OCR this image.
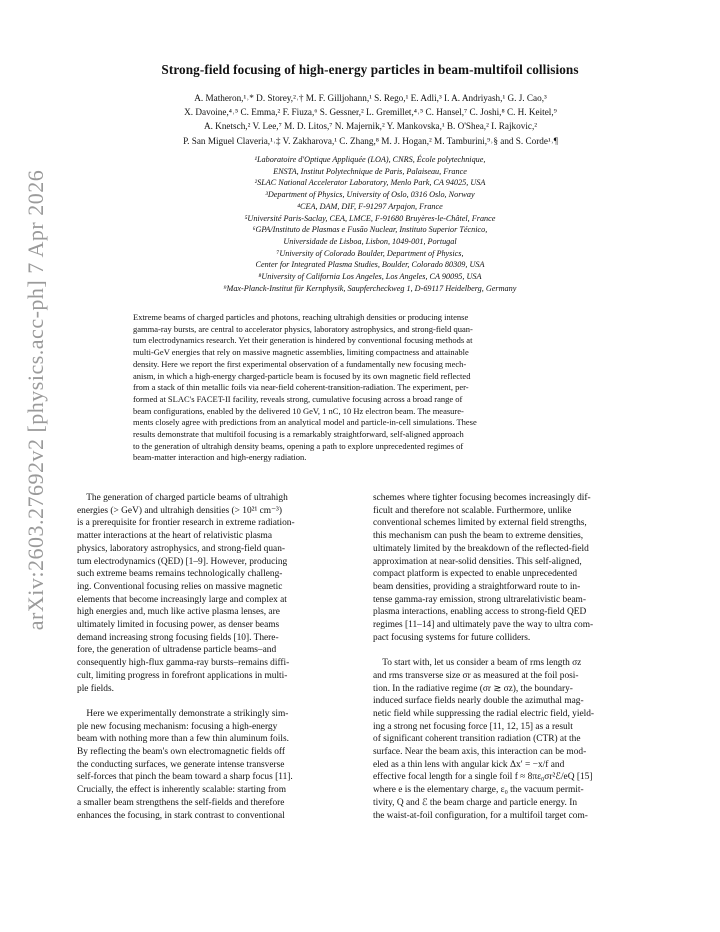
arXiv:2603.27692v2 [physics.acc-ph] 7 Apr 2026
Strong-field focusing of high-energy particles in beam-multifoil collisions

A. Matheron,¹˒* D. Storey,²˒† M. F. Gilljohann,¹ S. Rego,¹ E. Adli,³ I. A. Andriyash,¹ G. J. Cao,³

X. Davoine,⁴˒⁵ C. Emma,² F. Fiuza,⁶ S. Gessner,² L. Gremillet,⁴˒⁵ C. Hansel,⁷ C. Joshi,⁸ C. H. Keitel,⁹

A. Knetsch,² V. Lee,⁷ M. D. Litos,⁷ N. Majernik,² Y. Mankovska,¹ B. O'Shea,² I. Rajkovic,²

P. San Miguel Claveria,¹˒‡ V. Zakharova,¹ C. Zhang,⁸ M. J. Hogan,² M. Tamburini,⁹˒§ and S. Corde¹˒¶

¹Laboratoire d'Optique Appliquée (LOA), CNRS, École polytechnique,

ENSTA, Institut Polytechnique de Paris, Palaiseau, France

²SLAC National Accelerator Laboratory, Menlo Park, CA 94025, USA

³Department of Physics, University of Oslo, 0316 Oslo, Norway

⁴CEA, DAM, DIF, F-91297 Arpajon, France

⁵Université Paris-Saclay, CEA, LMCE, F-91680 Bruyères-le-Châtel, France

⁶GPA/Instituto de Plasmas e Fusão Nuclear, Instituto Superior Técnico,

Universidade de Lisboa, Lisbon, 1049-001, Portugal

⁷University of Colorado Boulder, Department of Physics,

Center for Integrated Plasma Studies, Boulder, Colorado 80309, USA

⁸University of California Los Angeles, Los Angeles, CA 90095, USA

⁹Max-Planck-Institut für Kernphysik, Saupfercheckweg 1, D-69117 Heidelberg, Germany

Extreme beams of charged particles and photons, reaching ultrahigh densities or producing intense

gamma-ray bursts, are central to accelerator physics, laboratory astrophysics, and strong-field quan-

tum electrodynamics research. Yet their generation is hindered by conventional focusing methods at

multi-GeV energies that rely on massive magnetic assemblies, limiting compactness and attainable

density. Here we report the first experimental observation of a fundamentally new focusing mech-

anism, in which a high-energy charged-particle beam is focused by its own magnetic field reflected

from a stack of thin metallic foils via near-field coherent-transition-radiation. The experiment, per-

formed at SLAC's FACET-II facility, reveals strong, cumulative focusing across a broad range of

beam configurations, enabled by the delivered 10 GeV, 1 nC, 10 Hz electron beam. The measure-

ments closely agree with predictions from an analytical model and particle-in-cell simulations. These

results demonstrate that multifoil focusing is a remarkably straightforward, self-aligned approach

to the generation of ultrahigh density beams, opening a path to explore unprecedented regimes of

beam-matter interaction and high-energy radiation.

The generation of charged particle beams of ultrahigh

energies (> GeV) and ultrahigh densities (> 10²¹ cm⁻³)

is a prerequisite for frontier research in extreme radiation-

matter interactions at the heart of relativistic plasma

physics, laboratory astrophysics, and strong-field quan-

tum electrodynamics (QED) [1–9]. However, producing

such extreme beams remains technologically challeng-

ing. Conventional focusing relies on massive magnetic

elements that become increasingly large and complex at

high energies and, much like active plasma lenses, are

ultimately limited in focusing power, as denser beams

demand increasing strong focusing fields [10]. There-

fore, the generation of ultradense particle beams–and

consequently high-flux gamma-ray bursts–remains diffi-

cult, limiting progress in forefront applications in multi-

ple fields.

Here we experimentally demonstrate a strikingly sim-

ple new focusing mechanism: focusing a high-energy

beam with nothing more than a few thin aluminum foils.

By reflecting the beam's own electromagnetic fields off

the conducting surfaces, we generate intense transverse

self-forces that pinch the beam toward a sharp focus [11].

Crucially, the effect is inherently scalable: starting from

a smaller beam strengthens the self-fields and therefore

enhances the focusing, in stark contrast to conventional

schemes where tighter focusing becomes increasingly dif-

ficult and therefore not scalable. Furthermore, unlike

conventional schemes limited by external field strengths,

this mechanism can push the beam to extreme densities,

ultimately limited by the breakdown of the reflected-field

approximation at near-solid densities. This self-aligned,

compact platform is expected to enable unprecedented

beam densities, providing a straightforward route to in-

tense gamma-ray emission, strong ultrarelativistic beam-

plasma interactions, enabling access to strong-field QED

regimes [11–14] and ultimately pave the way to ultra com-

pact focusing systems for future colliders.

To start with, let us consider a beam of rms length σz

and rms transverse size σr as measured at the foil posi-

tion. In the radiative regime (σr ≳ σz), the boundary-

induced surface fields nearly double the azimuthal mag-

netic field while suppressing the radial electric field, yield-

ing a strong net focusing force [11, 12, 15] as a result

of significant coherent transition radiation (CTR) at the

surface. Near the beam axis, this interaction can be mod-

eled as a thin lens with angular kick Δx′ = −x/f and

effective focal length for a single foil f ≈ 8πε₀σr²ℰ/eQ [15]

where e is the elementary charge, ε₀ the vacuum permit-

tivity, Q and ℰ the beam charge and particle energy. In

the waist-at-foil configuration, for a multifoil target com-
